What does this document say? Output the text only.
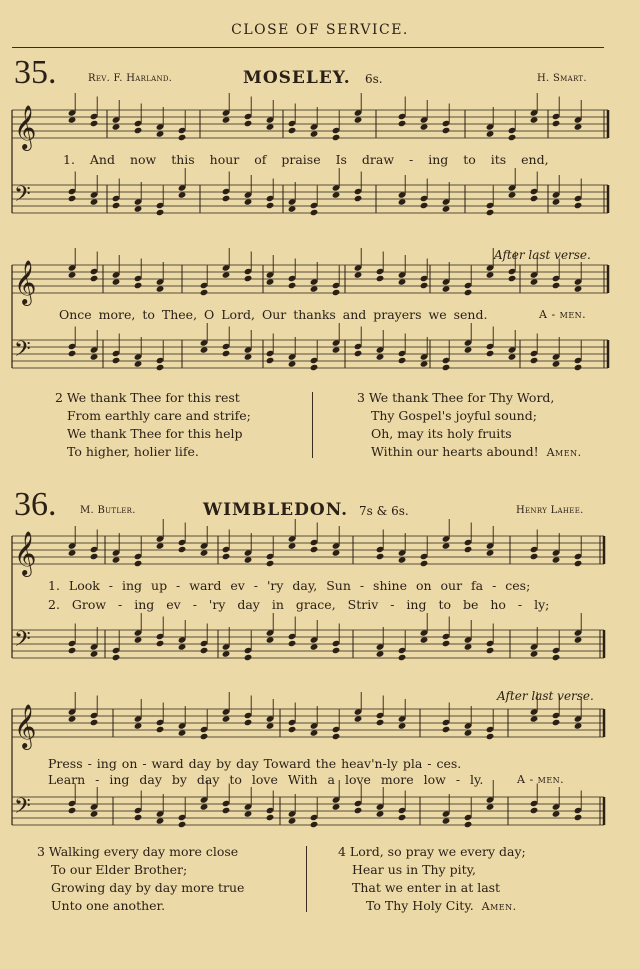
CLOSE OF SERVICE.
35.	Rev. F. Harland.	MOSELEY. 6s.	H. Smart.
1. And now this hour of praise Is draw - ing to its end,
After last verse.
Once more, to Thee, O Lord, Our thanks and prayers we send.	A - men.
2 We thank Thee for this rest
From earthly care and strife;
We thank Thee for this help
To higher, holier life.
3 We thank Thee for Thy Word,
Thy Gospel's joyful sound;
Oh, may its holy fruits
Within our hearts abound! Amen.
36. M. Butler.	WIMBLEDON. 7s & 6s.	Henry Lahee.
1. Look - ing up - ward ev - 'ry day, Sun - shine on our fa - ces;
2. Grow - ing ev - 'ry day in grace, Striv - ing to be ho - ly;
After last verse.
Press - ing on - ward day by day Toward the heav'n-ly pla - ces.
Learn - ing day by day to love With a love more low - ly.	A - men.
3 Walking every day more close
To our Elder Brother;
Growing day by day more true
Unto one another.
4 Lord, so pray we every day;
Hear us in Thy pity,
That we enter in at last
To Thy Holy City. Amen.
𝄞
𝄢
𝄞
𝄢
𝄞
𝄢
𝄞
𝄢
